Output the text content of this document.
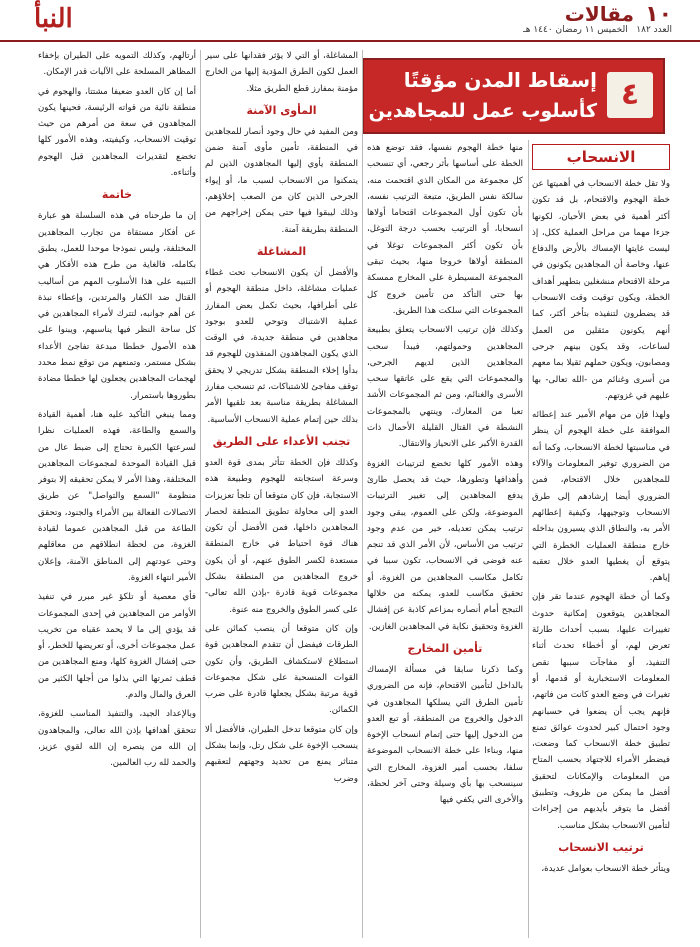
النبأ	١٠ مقالات
العدد ١٨٢   الخميس ١١ رمضان ١٤٤٠ هـ
٤
إسقاط المدن مؤقتًا
كأسلوب عمل للمجاهدين
الانسحاب

ولا تقل خطة الانسحاب في أهميتها عن خطة الهجوم والاقتحام، بل قد تكون أكثر أهمية في بعض الأحيان، لكونها جزءا مهما من مراحل العملية ككل، إذ ليست غايتها الإمساك بالأرض والدفاع عنها، وخاصة أن المجاهدين يكونون في مرحلة الاقتحام منشغلين بتطهير أهداف الخطة، ويكون توقيت وقت الانسحاب قد يضطرون لتنفيذه بتأخر أكثر، كما أنهم يكونون مثقلين من العمل لساعات، وقد يكون بينهم جرحى ومصابون، ويكون حملهم ثقيلا بما معهم من أسرى وغنائم من -الله تعالى- بها عليهم في غزوتهم.

ولهذا فإن من مهام الأمير عند إعطائه الموافقة على خطة الهجوم أن ينظر في مناسبتها لخطة الانسحاب، وكما أنه من الضروري توفير المعلومات والآلاء للمجاهدين خلال الاقتحام، فمن الضروري أيضا إرشادهم إلى طرق الانسحاب وتوجيهها، وكيفية إعطائهم الأمر به، والنطاق الذي يسيرون بداخله خارج منطقة العمليات الخطرة التي يتوقع أن يغطيها العدو خلال تعقبه إياهم.

وكما أن خطة الهجوم عندما تقر فإن المجاهدين يتوقعون إمكانية حدوث تغييرات عليها، بسبب أحداث طارئة تعرض لهم، أو أخطاء تحدث أثناء التنفيذ، أو مفاجآت سببها نقص المعلومات الاستخبارية أو قدمها، أو تغيرات في وضع العدو كانت من فاتهم، فإنهم يجب أن يضعوا في حسبانهم وجود احتمال كبير لحدوث عوائق تمنع تطبيق خطة الانسحاب كما وضعت، فيضطر الأمراء للاجتهاد بحسب المتاح من المعلومات والإمكانات لتحقيق أفضل ما يمكن من ظروف، وتطبيق أفضل ما يتوفر بأيديهم من إجراءات لتأمين الانسحاب بشكل مناسب.

ترتيب الانسحاب

ويتأثر خطة الانسحاب بعوامل عديدة،

منها خطة الهجوم نفسها، فقد توضع هذه الخطة على أساسها بأثر رجعي، أي تنسحب كل مجموعة من المكان الذي اقتحمت منه، سالكة نفس الطريق، متبعة الترتيب نفسه، بأن تكون أول المجموعات اقتحاما أولاها انسحابا، أو الترتيب بحسب درجة التوغل، بأن تكون أكثر المجموعات توغلا في المنطقة أولاها خروجا منها، بحيث تبقى المجموعة المسيطرة على المخارج ممسكة بها حتى التأكد من تأمين خروج كل المجموعات التي سلكت هذا الطريق.

وكذلك فإن ترتيب الانسحاب يتعلق بطبيعة المجاهدين وحمولتهم، فيبدأ سحب المجاهدين الذين لديهم الجرحى، والمجموعات التي يقع على عاتقها سحب الأسرى والغنائم، ومن ثم المجموعات الأشد تعبا من المعارك، وينتهي بالمجموعات النشطة في القتال القليلة الأحمال ذات القدرة الأكبر على الانحياز والانتقال.

وهذه الأمور كلها تخضع لترتيبات الغزوة وأهدافها وتطورها، حيث قد يحصل طارئ يدفع المجاهدين إلى تغيير الترتيبات الموضوعة، ولكن على العموم، يبقى وجود ترتيب يمكن تعديله، خير من عدم وجود ترتيب من الأساس، لأن الأمر الذي قد تنجم عنه فوضى في الانسحاب، تكون سببا في تكامل مكاسب المجاهدين من الغزوة، أو تحقيق مكاسب للعدو، يمكنه من خلالها التبجح أمام أنصاره بمزاعم كاذبة عن إفشال الغزوة وتحقيق نكاية في المجاهدين الغازين.

تأمين المخارج

وكما ذكرنا سابقا في مسألة الإمساك بالداخل لتأمين الاقتحام، فإنه من الضروري تأمين الطرق التي يسلكها المجاهدون في الدخول والخروج من المنطقة، أو تبع العدو من الدخول إليها حتى إتمام انسحاب الإخوة منها، وبناءا على خطة الانسحاب الموضوعة سلفا، بحسب أمير الغزوة، المخارج التي سينسحب بها بأي وسيلة وحتى آخر لحظة، والأخرى التي يكفي فيها

المشاغلة، أو التي لا يؤثر فقدانها على سير العمل لكون الطرق المؤدية إليها من الخارج مؤمنة بمفارز قطع الطريق مثلا.

المأوى الآمنة

ومن المفيد في حال وجود أنصار للمجاهدين في المنطقة، تأمين مأوى آمنة ضمن المنطقة يأوي إليها المجاهدون الذين لم يتمكنوا من الانسحاب لسبب ما، أو إيواء الجرحى الذين كان من الصعب إخلاؤهم، وذلك ليبقوا فيها حتى يمكن إخراجهم من المنطقة بطريقة آمنة.

المشاغلة

والأفضل أن يكون الانسحاب تحت غطاء عمليات مشاغلة، داخل منطقة الهجوم أو على أطرافها، بحيث تكمل بعض المفارز عملية الاشتباك وتوحي للعدو بوجود مجاهدين في منطقة جديدة، في الوقت الذي يكون المجاهدون المنفذون للهجوم قد بدأوا إخلاء المنطقة بشكل تدريجي لا يحقق توقف مفاجئ للاشتباكات، ثم تنسحب مفارز المشاغلة بطريقة مناسبة بعد تلقيها الأمر بذلك حين إتمام عملية الانسحاب الأساسية.

تجنب الأعداء على الطريق

وكذلك فإن الخطة تتأثر بمدى قوة العدو وسرعة استجابته للهجوم وطبيعة هذه الاستجابة، فإن كان متوقعا أن تلجأ تعزيزات العدو إلى محاولة تطويق المنطقة لحصار المجاهدين داخلها، فمن الأفضل أن تكون هناك قوة احتياط في خارج المنطقة مستعدة لكسر الطوق عنهم، أو أن يكون خروج المجاهدين من المنطقة بشكل مجموعات قوية قادرة -بإذن الله تعالى- على كسر الطوق والخروج منه عنوة.

وإن كان متوقعا أن ينصب كمائن على الطرقات فيفضل أن تتقدم المجاهدين قوة استطلاع لاستكشاف الطريق، وأن تكون القوات المنسحبة على شكل مجموعات قوية مرتبة بشكل يجعلها قادرة على ضرب الكمائن.

وإن كان متوقعا تدخل الطيران، فالأفضل ألا ينسحب الإخوة على شكل رتل، وإنما بشكل متناثر يمنع من تحديد وجهتهم لتعقبهم وضرب

أرتالهم، وكذلك التمويه على الطيران بإخفاء المظاهر المسلحة على الآليات قدر الإمكان.

أما إن كان العدو ضعيفا مشتتا، والهجوم في منطقة نائية من قواته الرئيسة، فحينها يكون المجاهدون في سعة من أمرهم من حيث توقيت الانسحاب، وكيفيته، وهذه الأمور كلها تخضع لتقديرات المجاهدين قبل الهجوم وأثناءه.

خاتمة

إن ما طرحناه في هذه السلسلة هو عبارة عن أفكار مستقاة من تجارب المجاهدين المختلفة، وليس نموذجا موحدا للعمل، يطبق بكامله، فالغاية من طرح هذه الأفكار هي التنبيه على هذا الأسلوب المهم من أساليب القتال ضد الكفار والمرتدين، وإعطاء نبذة عن أهم جوانبه، لتترك لأمراء المجاهدين في كل ساحة النظر فيها يناسبهم، ويبنوا على هذه الأصول خططا مبدعة تفاجئ الأعداء بشكل مستمر، وتمنعهم من توقع نمط محدد لهجمات المجاهدين يجعلون لها خططا مضادة بطوروها باستمرار.

ومما ينبغي التأكيد عليه هنا، أهمية القيادة والسمع والطاعة، فهذه العمليات نظرا لسرعتها الكبيرة تحتاج إلى ضبط عال من قبل القيادة الموحدة لمجموعات المجاهدين المختلفة، وهذا الأمر لا يمكن تحقيقه إلا بتوفر منظومة "السمع والتواصل" عن طريق الاتصالات الفعالة بين الأمراء والجنود، وتحقق الطاعة من قبل المجاهدين عموما لقيادة الغزوة، من لحظة انطلاقهم من معاقلهم وحتى عودتهم إلى المناطق الآمنة، وإعلان الأمير انتهاء الغزوة.

فأي معصية أو تلكؤ غير مبرر في تنفيذ الأوامر من المجاهدين في إحدى المجموعات قد يؤدي إلى ما لا يحمد عقباه من تخريب عمل مجموعات أخرى، أو تعريضها للخطر، أو حتى إفشال الغزوة كلها، ومنع المجاهدين من قطف ثمرتها التي بذلوا من أجلها الكثير من العرق والمال والدم.

وبالإعداد الجيد، والتنفيذ المناسب للغزوة، تتحقق أهدافها بإذن الله تعالى، والمجاهدون إن الله من ينصره إن الله لقوي عزيز، والحمد لله رب العالمين.
